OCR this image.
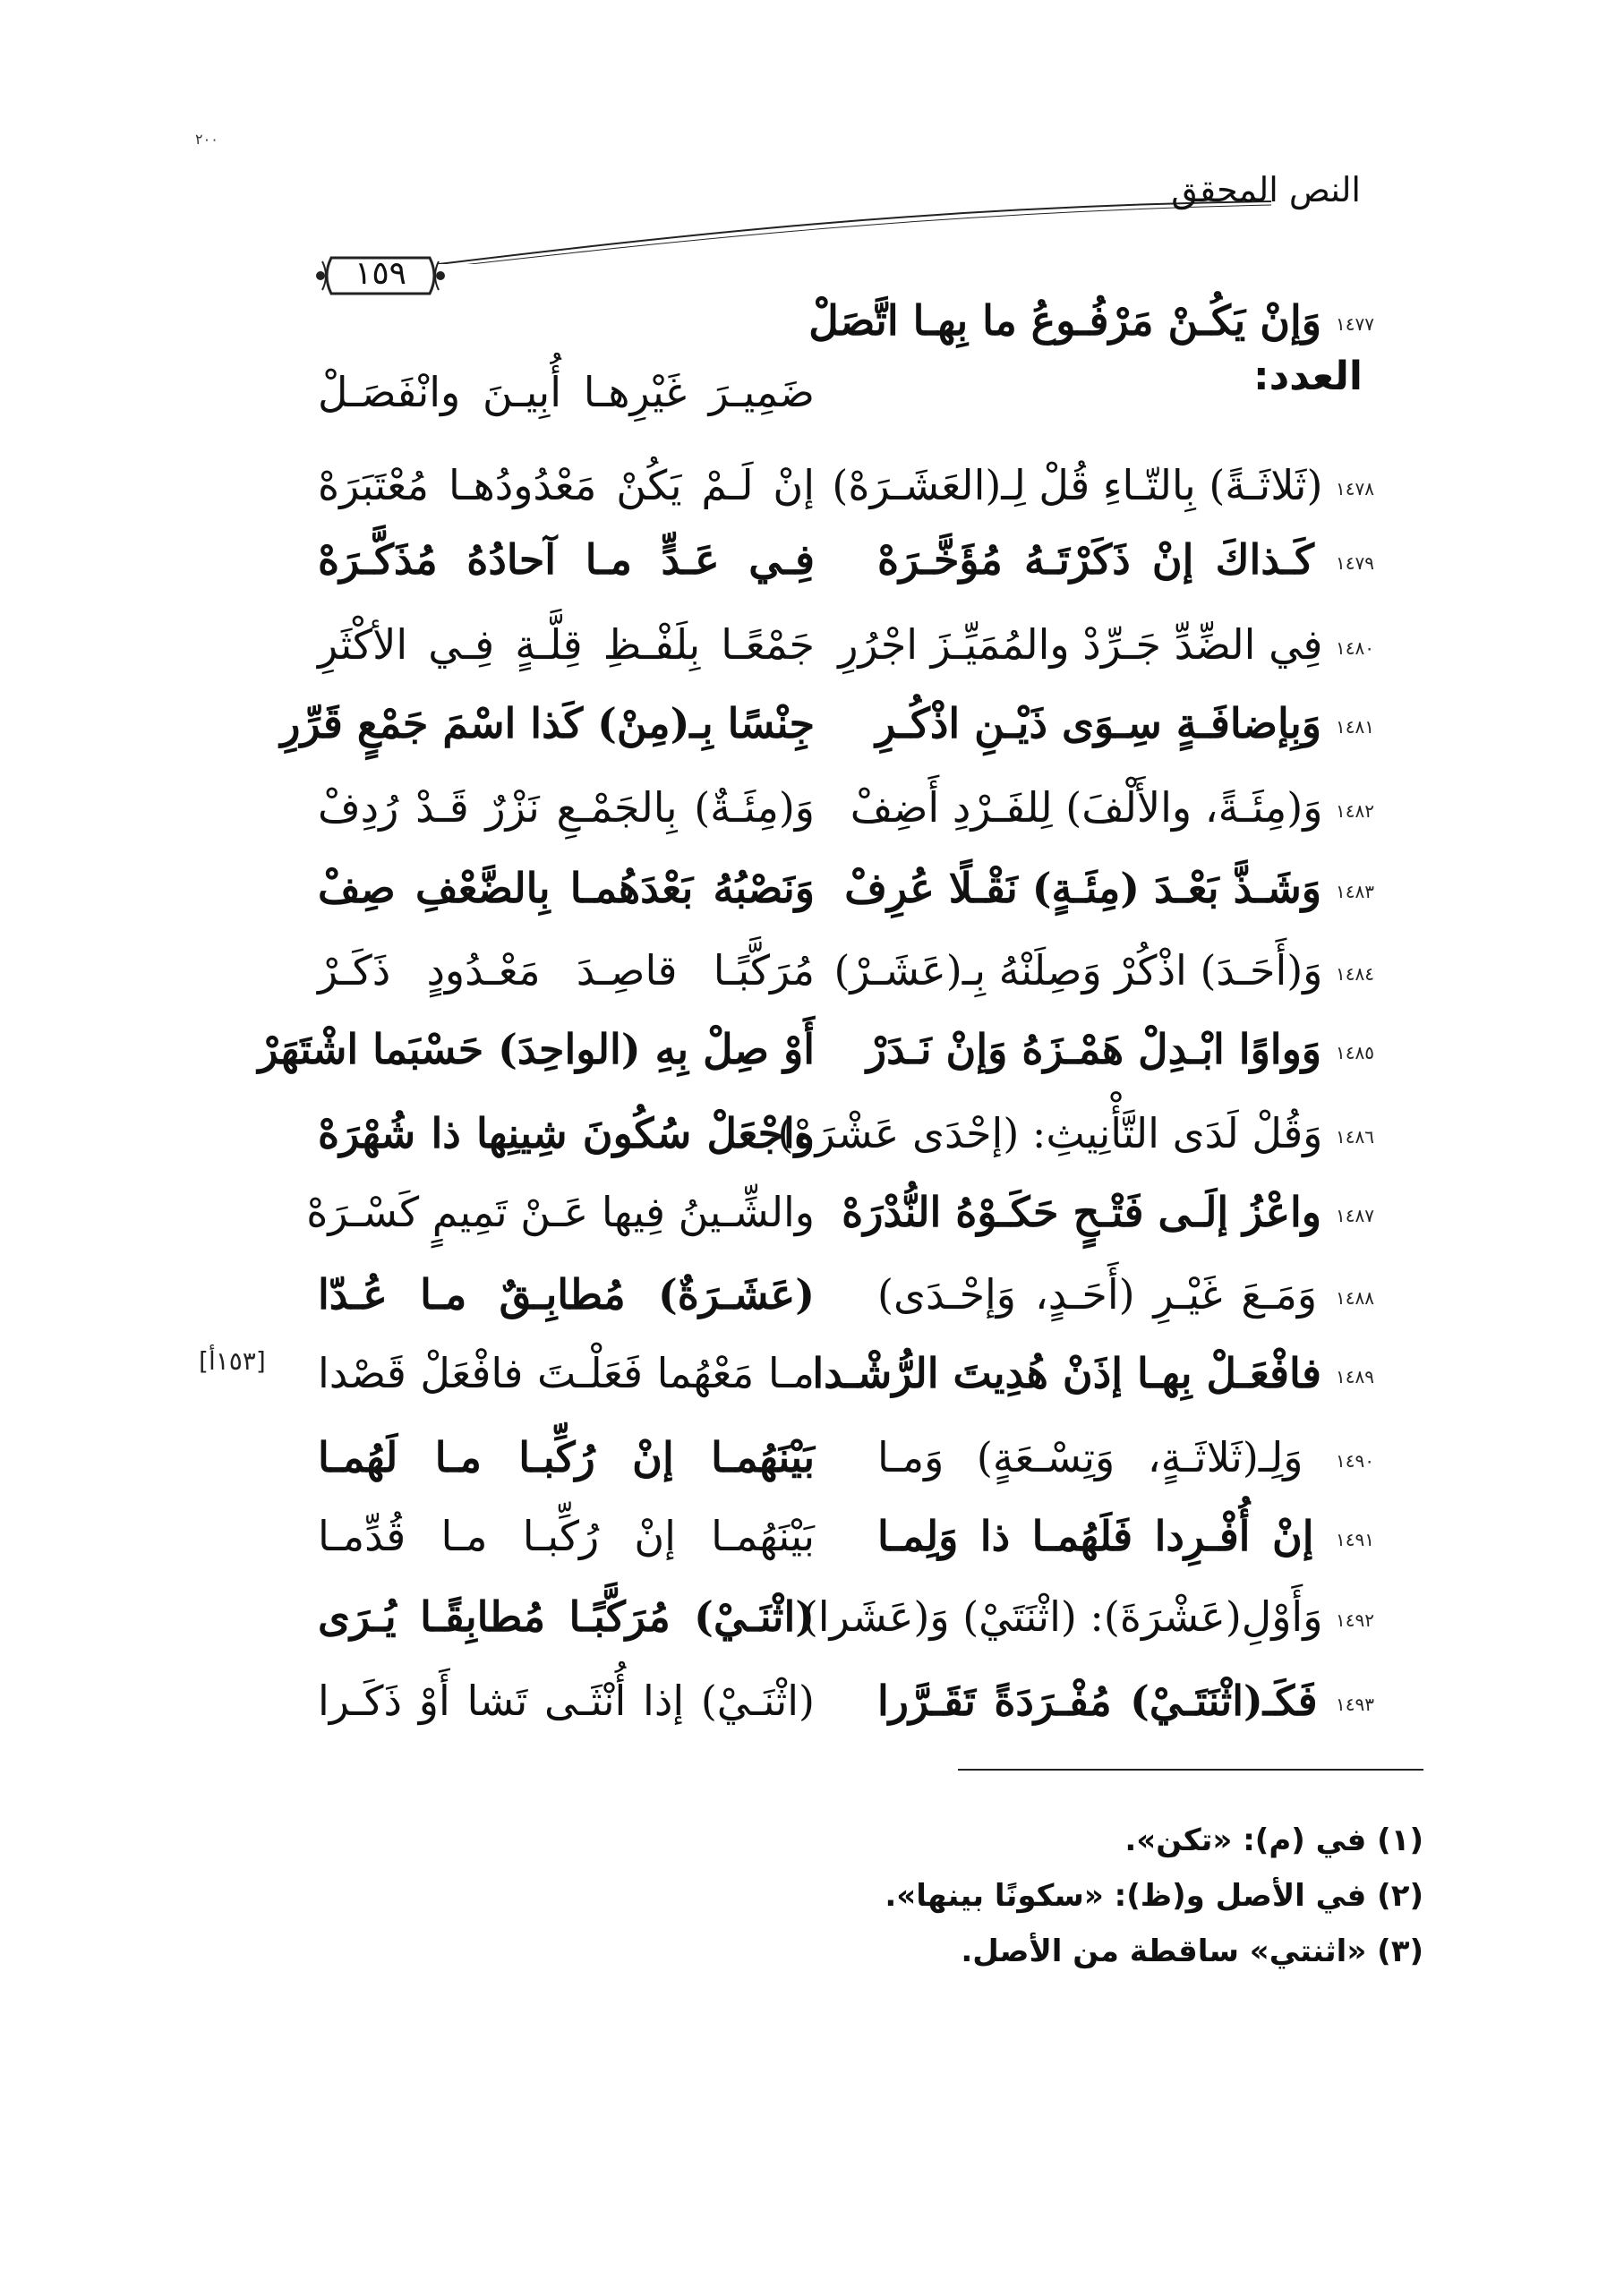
‫٢٠٠‬
النص المحقق
١٥٩
العدد:
١٤٧٧ وَإنْ يَكُـنْ مَرْفُـوعُ ما بِهـا اتَّصَلْ
ضَمِيـرَ غَيْرِهـا أُبِيـنَ وانْفَصَـلْ
١٤٧٨ (ثَلاثَـةً) بِالتّـاءِ قُلْ لِـ(العَشَـرَهْ)
إنْ لَـمْ يَكُنْ مَعْدُودُهـا مُعْتَبَرَهْ
١٤٧٩ كَـذاكَ إنْ ذَكَرْتَـهُ مُؤَخَّـرَهْ
فِـي عَـدٍّ مـا آحادُهُ مُذَكَّـرَهْ
١٤٨٠ فِي الضِّدِّ جَـرِّدْ والمُمَيِّـزَ اجْرُرِ
جَمْعًـا بِلَفْـظِ قِلَّـةٍ فِـي الأكْثَرِ
١٤٨١ وَبِإضافَـةٍ سِـوَى ذَيْـنِ اذْكُـرِ
جِنْسًا بِـ(مِنْ) كَذا اسْمَ جَمْعٍ قَرِّرِ
١٤٨٢ وَ(مِئَـةً، والأَلْفَ) لِلفَـرْدِ أَضِفْ
وَ(مِئَـةٌ) بِالجَمْـعِ نَزْرٌ قَـدْ رُدِفْ
١٤٨٣ وَشَـذَّ بَعْـدَ (مِئَـةٍ) نَقْـلًا عُرِفْ
وَنَصْبُهُ بَعْدَهُمـا بِالضَّعْفِ صِفْ
١٤٨٤ وَ(أَحَـدَ) اذْكُرْ وَصِلَنْهُ بِـ(عَشَـرْ)
مُرَكَّبًـا قاصِـدَ مَعْـدُودٍ ذَكَـرْ
١٤٨٥ وَواوًا ابْـدِلْ هَمْـزَهُ وَإنْ نَـدَرْ
أَوْ صِلْ بِهِ (الواحِدَ) حَسْبَما اشْتَهَرْ
١٤٨٦ وَقُلْ لَدَى التَّأْنِيثِ: (إحْدَى عَشْرَهْ)
واجْعَلْ سُكُونَ شِينِها ذا شُهْرَهْ
١٤٨٧ واعْزُ إلَـى فَتْـحٍ حَكَـوْهُ النُّدْرَهْ
والشِّـينُ فِيها عَـنْ تَمِيمٍ كَسْـرَهْ
١٤٨٨ وَمَـعَ غَيْـرِ (أَحَـدٍ، وَإحْـدَى)
(عَشَـرَةٌ) مُطابِـقٌ مـا عُـدّا
١٤٨٩ فافْعَـلْ بِهـا إذَنْ هُدِيتَ الرُّشْـدا
مـا مَعْهُما فَعَلْـتَ فافْعَلْ قَصْدا
١٤٩٠ وَلِـ(ثَلاثَـةٍ، وَتِسْـعَةٍ) وَمـا
بَيْنَهُمـا إنْ رُكِّبـا مـا لَهُمـا
١٤٩١ إنْ أُفْـرِدا فَلَهُمـا ذا وَلِمـا
بَيْنَهُمـا إنْ رُكِّبـا مـا قُدِّمـا
١٤٩٢ وَأَوْلِ(عَشْرَةَ): (اثْنَتَيْ) وَ(عَشَرا)
(اثْنَـيْ) مُرَكَّبًـا مُطابِقًـا يُـرَى
١٤٩٣ فَكَـ(اثْنَتَـيْ) مُفْـرَدَةً تَقَـرَّرا
(اثْنَـيْ) إذا أُنْثَـى تَشا أَوْ ذَكَـرا
[١٥٣أ]
(١) في (م): «تكن».
(٢) في الأصل و(ظ): «سكونًا بينها».
(٣) «اثنتي» ساقطة من الأصل.
